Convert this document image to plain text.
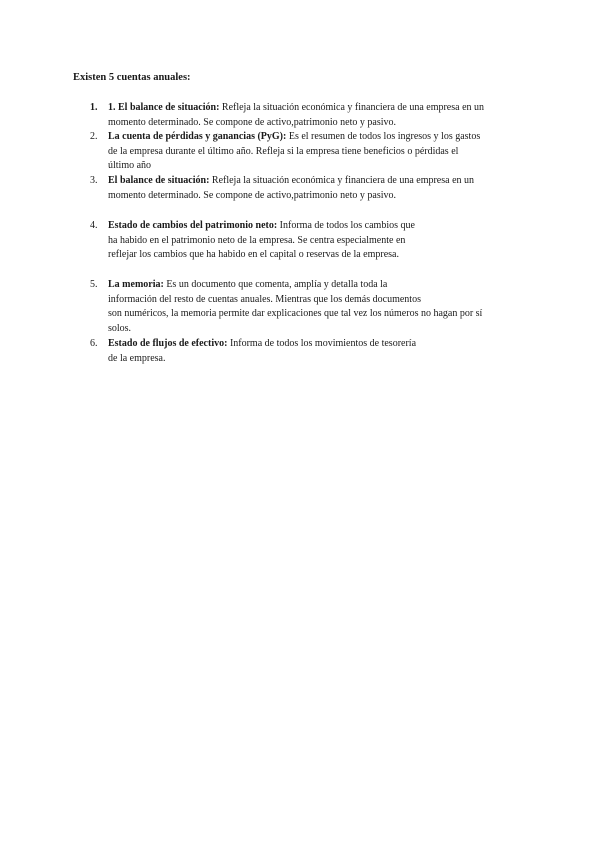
Existen 5 cuentas anuales:
1.	1. El balance de situación: Refleja la situación económica y financiera de una empresa en un
momento determinado. Se compone de activo,patrimonio neto y pasivo.
2.	La cuenta de pérdidas y ganancias (PyG): Es el resumen de todos los ingresos y los gastos
de la empresa durante el último año. Refleja si la empresa tiene beneficios o pérdidas el
último año
3.	El balance de situación: Refleja la situación económica y financiera de una empresa en un
momento determinado. Se compone de activo,patrimonio neto y pasivo.
4.	Estado de cambios del patrimonio neto: Informa de todos los cambios que
ha habido en el patrimonio neto de la empresa. Se centra especialmente en
reflejar los cambios que ha habido en el capital o reservas de la empresa.
5.	La memoria: Es un documento que comenta, amplía y detalla toda la
información del resto de cuentas anuales. Mientras que los demás documentos
son numéricos, la memoria permite dar explicaciones que tal vez los números no hagan por sí
solos.
6.	Estado de flujos de efectivo: Informa de todos los movimientos de tesorería
de la empresa.
